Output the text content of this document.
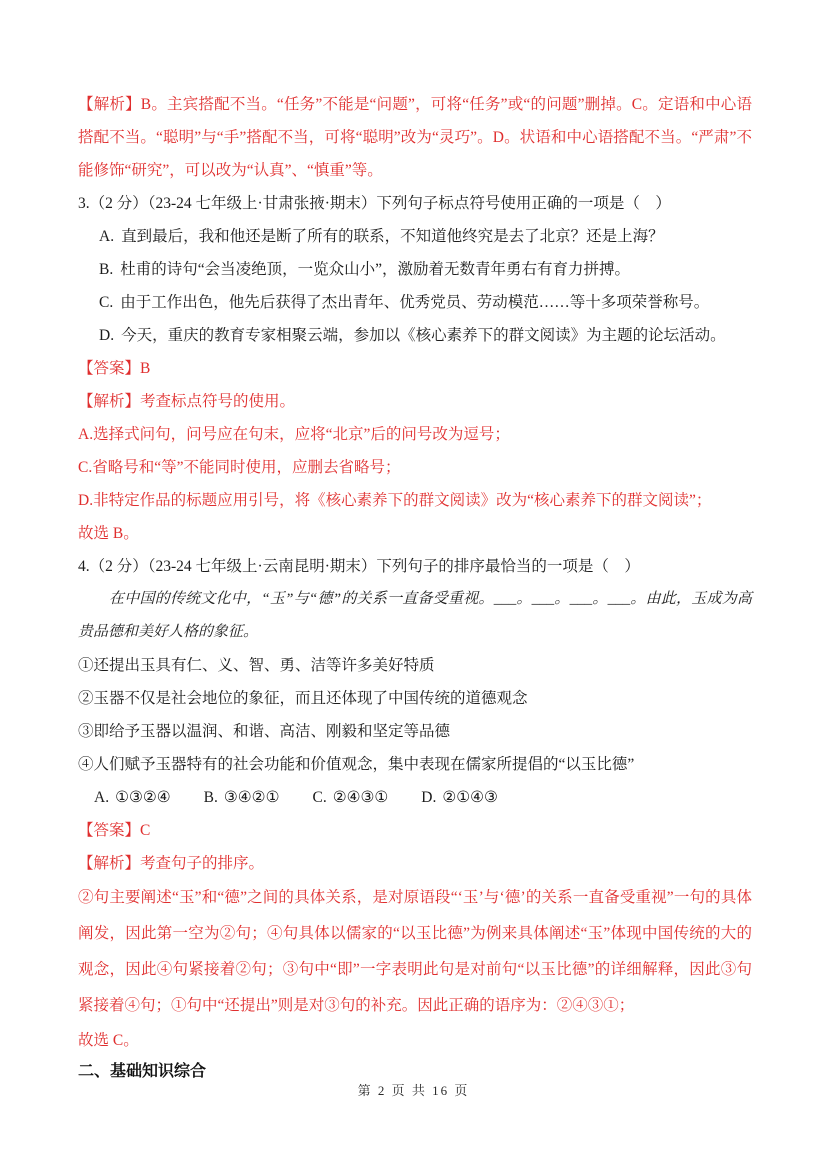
【解析】B。主宾搭配不当。“任务”不能是“问题”，可将“任务”或“的问题”删掉。C。定语和中心语搭配不当。“聪明”与“手”搭配不当，可将“聪明”改为“灵巧”。D。状语和中心语搭配不当。“严肃”不能修饰“研究”，可以改为“认真”、“慎重”等。

3.（2 分）（23-24 七年级上·甘肃张掖·期末）下列句子标点符号使用正确的一项是（　）

A. 直到最后，我和他还是断了所有的联系，不知道他终究是去了北京？还是上海？

B. 杜甫的诗句“会当凌绝顶，一览众山小”，激励着无数青年勇右有育力拼搏。

C. 由于工作出色，他先后获得了杰出青年、优秀党员、劳动模范……等十多项荣誉称号。

D. 今天，重庆的教育专家相聚云端，参加以《核心素养下的群文阅读》为主题的论坛活动。

【答案】B

【解析】考查标点符号的使用。

A.选择式问句，问号应在句末，应将“北京”后的问号改为逗号；

C.省略号和“等”不能同时使用，应删去省略号；

D.非特定作品的标题应用引号，将《核心素养下的群文阅读》改为“核心素养下的群文阅读”；

故选 B。

4.（2 分）（23-24 七年级上·云南昆明·期末）下列句子的排序最恰当的一项是（　）

在中国的传统文化中，“玉”与“德”的关系一直备受重视。___。___。___。___。由此，玉成为高贵品德和美好人格的象征。

①还提出玉具有仁、义、智、勇、洁等许多美好特质

②玉器不仅是社会地位的象征，而且还体现了中国传统的道德观念

③即给予玉器以温润、和谐、高洁、刚毅和坚定等品德

④人们赋予玉器特有的社会功能和价值观念，集中表现在儒家所提倡的“以玉比德”

A. ①③②④ B. ③④②① C. ②④③① D. ②①④③

【答案】C

【解析】考查句子的排序。

②句主要阐述“玉”和“德”之间的具体关系，是对原语段“‘玉’与‘德’的关系一直备受重视”一句的具体阐发，因此第一空为②句；④句具体以儒家的“以玉比德”为例来具体阐述“玉”体现中国传统的大的观念，因此④句紧接着②句；③句中“即”一字表明此句是对前句“以玉比德”的详细解释，因此③句紧接着④句；①句中“还提出”则是对③句的补充。因此正确的语序为：②④③①；

故选 C。

二、基础知识综合

第 2 页 共 16 页
